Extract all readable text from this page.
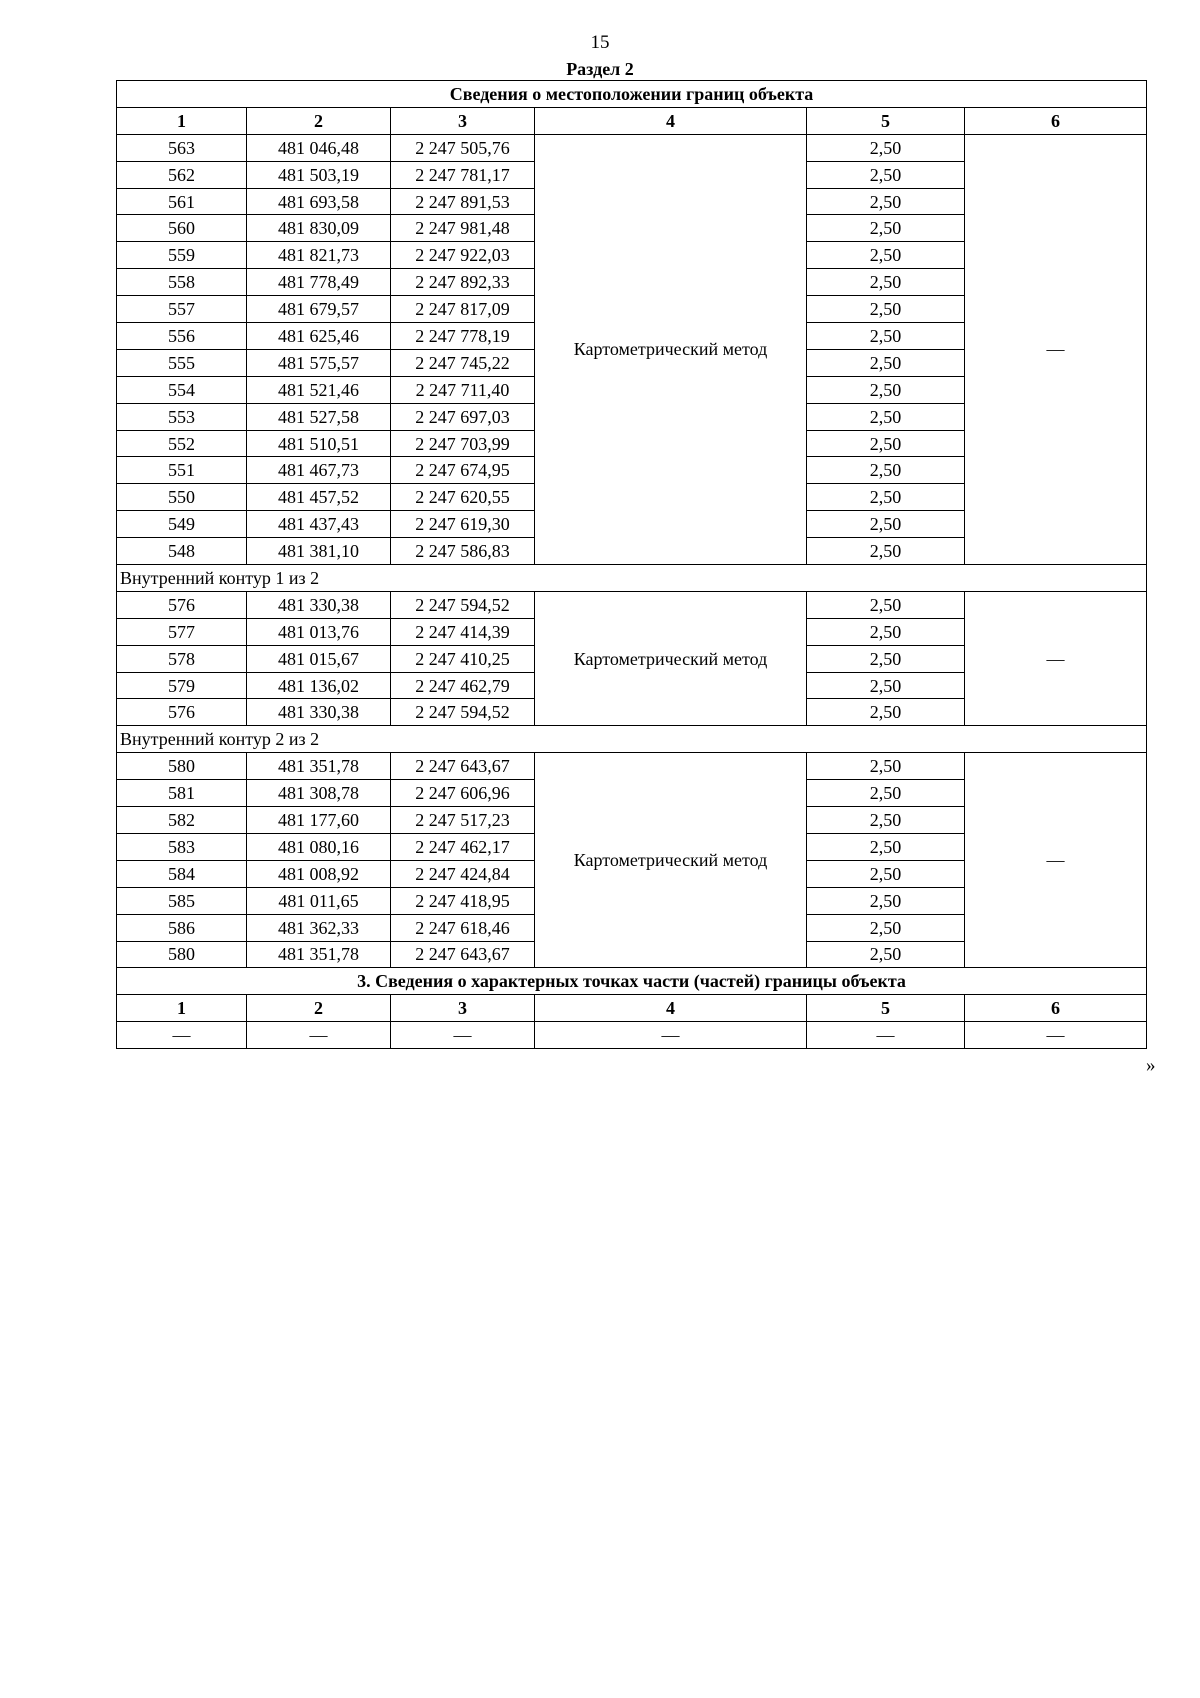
15
Раздел 2
Сведения о местоположении границ объекта					
1	2	3	4	5	6
563	481 046,48	2 247 505,76	Картометрический метод	2,50	—
562	481 503,19	2 247 781,17		2,50	
561	481 693,58	2 247 891,53		2,50	
560	481 830,09	2 247 981,48		2,50	
559	481 821,73	2 247 922,03		2,50	
558	481 778,49	2 247 892,33		2,50	
557	481 679,57	2 247 817,09		2,50	
556	481 625,46	2 247 778,19		2,50	
555	481 575,57	2 247 745,22		2,50	
554	481 521,46	2 247 711,40		2,50	
553	481 527,58	2 247 697,03		2,50	
552	481 510,51	2 247 703,99		2,50	
551	481 467,73	2 247 674,95		2,50	
550	481 457,52	2 247 620,55		2,50	
549	481 437,43	2 247 619,30		2,50	
548	481 381,10	2 247 586,83		2,50	
Внутренний контур 1 из 2					
576	481 330,38	2 247 594,52	Картометрический метод	2,50	—
577	481 013,76	2 247 414,39		2,50	
578	481 015,67	2 247 410,25		2,50	
579	481 136,02	2 247 462,79		2,50	
576	481 330,38	2 247 594,52		2,50	
Внутренний контур 2 из 2					
580	481 351,78	2 247 643,67	Картометрический метод	2,50	—
581	481 308,78	2 247 606,96		2,50	
582	481 177,60	2 247 517,23		2,50	
583	481 080,16	2 247 462,17		2,50	
584	481 008,92	2 247 424,84		2,50	
585	481 011,65	2 247 418,95		2,50	
586	481 362,33	2 247 618,46		2,50	
580	481 351,78	2 247 643,67		2,50	
3. Сведения о характерных точках части (частей) границы объекта					
1	2	3	4	5	6
—	—	—	—	—	—
»
